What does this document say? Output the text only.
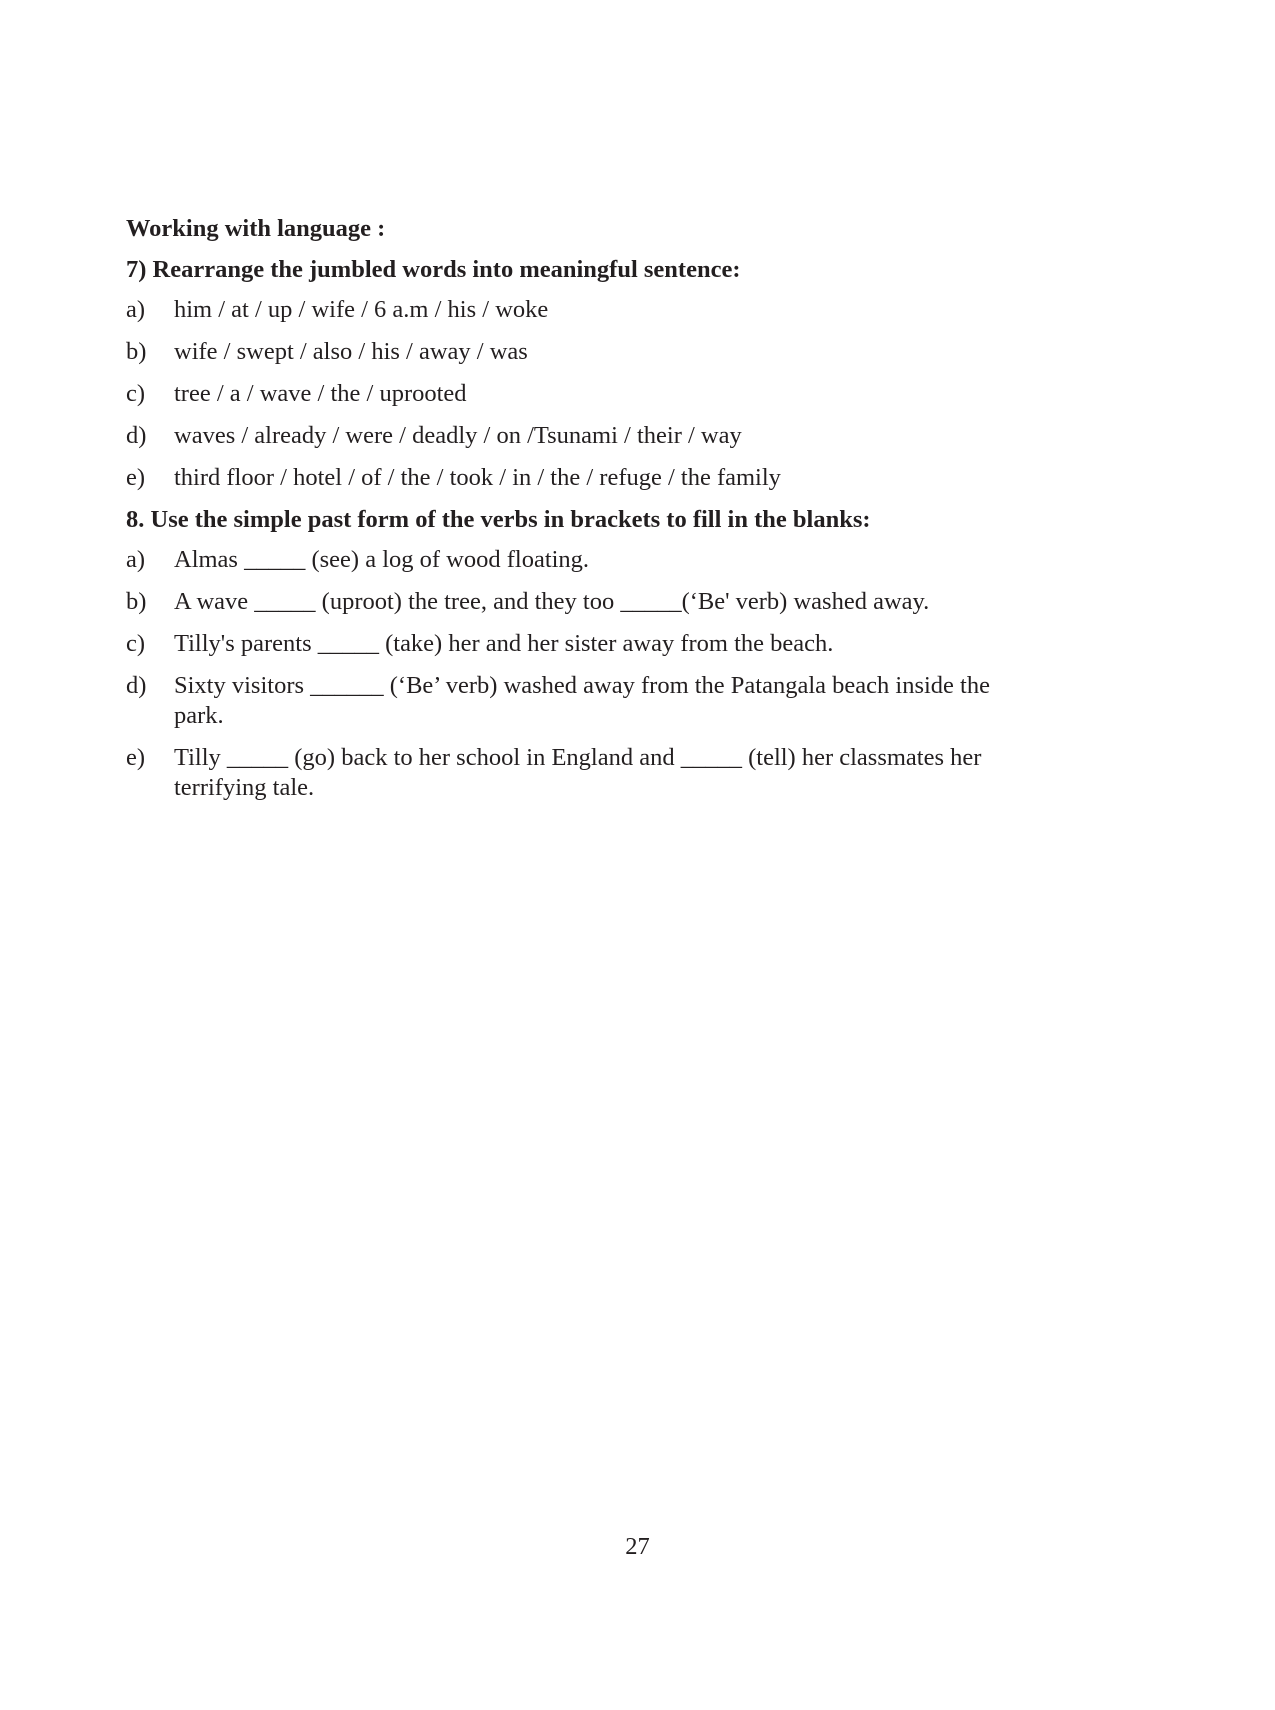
Working with language :
7) Rearrange the jumbled words into meaningful sentence:
a)	him / at / up / wife / 6 a.m / his / woke
b)	wife / swept / also / his / away / was
c)	tree / a / wave / the / uprooted
d)	waves / already / were / deadly / on /Tsunami / their / way
e)	third floor / hotel / of / the / took / in / the / refuge / the family
8. Use the simple past form of the verbs in brackets to fill in the blanks:
a)	Almas _____ (see) a log of wood floating.
b)	A wave _____ (uproot) the tree, and they too _____(‘Be' verb) washed away.
c)	Tilly's parents _____ (take) her and her sister away from the beach.
d)	Sixty visitors ______ (‘Be’ verb) washed away from the Patangala beach inside the park.
e)	Tilly _____ (go) back to her school in England and _____ (tell) her classmates her terrifying tale.
27
